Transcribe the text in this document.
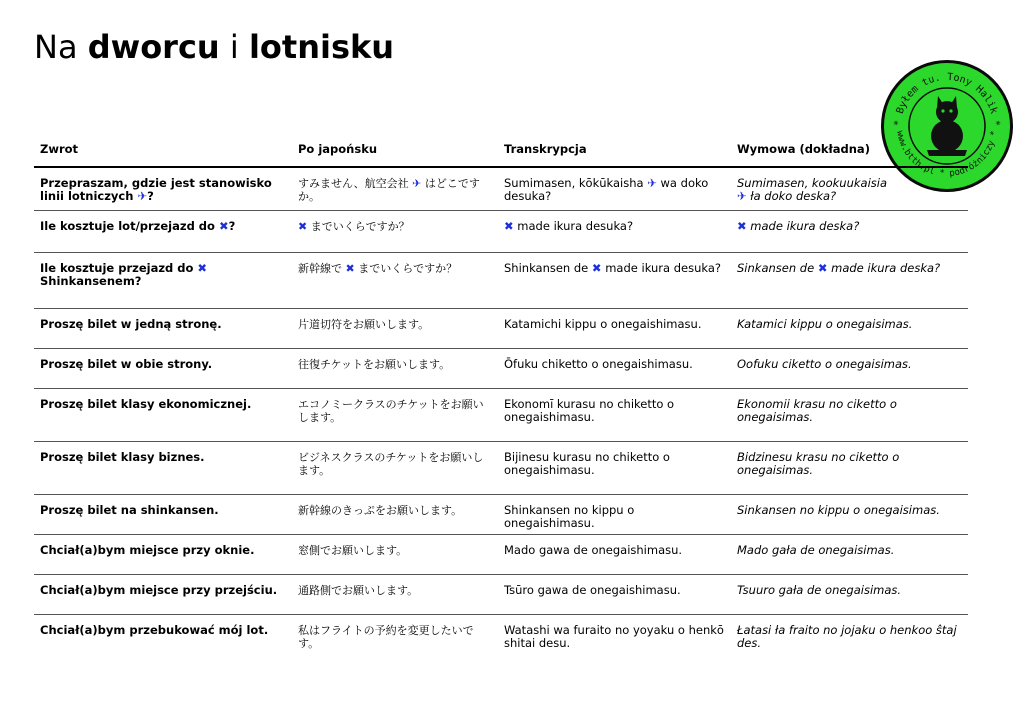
Na dworcu i lotnisku
* Byłem tu. Tony Halik *
www.btth.pl * podróżniczy *
Zwrot	Po japońsku	Transkrypcja	Wymowa (dokładna)
Przepraszam, gdzie jest stanowisko linii lotniczych ✈?	すみません、航空会社 ✈ はどこです か。	Sumimasen, kōkūkaisha ✈ wa doko desuka?	Sumimasen, kookuukaisia
✈ ła doko deska?
Ile kosztuje lot/przejazd do ✖?	✖ までいくらですか？	✖ made ikura desuka?	✖ made ikura deska?
Ile kosztuje przejazd do ✖ Shinkansenem?	新幹線で ✖ までいくらですか？	Shinkansen de ✖ made ikura desuka?	Sinkansen de ✖ made ikura deska?
Proszę bilet w jedną stronę.	片道切符をお願いします。	Katamichi kippu o onegaishimasu.	Katamici kippu o onegaisimas.
Proszę bilet w obie strony.	往復チケットをお願いします。	Ōfuku chiketto o onegaishimasu.	Oofuku ciketto o onegaisimas.
Proszę bilet klasy ekonomicznej.	エコノミークラスのチケットをお願い します。	Ekonomī kurasu no chiketto o onegaishimasu.	Ekonomii krasu no ciketto o onegaisimas.
Proszę bilet klasy biznes.	ビジネスクラスのチケットをお願いし ます。	Bijinesu kurasu no chiketto o onegaishimasu.	Bidzinesu krasu no ciketto o onegaisimas.
Proszę bilet na shinkansen.	新幹線のきっぷをお願いします。	Shinkansen no kippu o onegaishimasu.	Sinkansen no kippu o onegaisimas.
Chciał(a)bym miejsce przy oknie.	窓側でお願いします。	Mado gawa de onegaishimasu.	Mado gała de onegaisimas.
Chciał(a)bym miejsce przy przejściu.	通路側でお願いします。	Tsūro gawa de onegaishimasu.	Tsuuro gała de onegaisimas.
Chciał(a)bym przebukować mój lot.	私はフライトの予約を変更したいで す。	Watashi wa furaito no yoyaku o henkō shitai desu.	Łatasi ła fraito no jojaku o henkoo ŝtaj des.
